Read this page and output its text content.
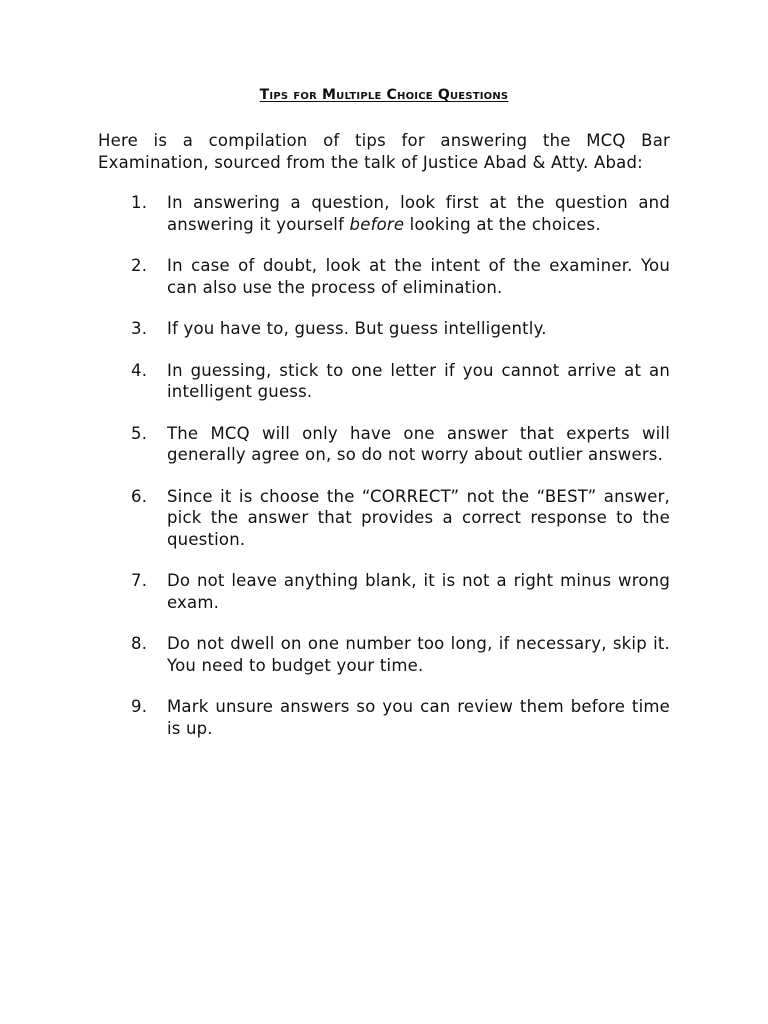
Tips for Multiple Choice Questions

Here is a compilation of tips for answering the MCQ Bar Examination, sourced from the talk of Justice Abad & Atty. Abad:

1.	In answering a question, look first at the question and answering it yourself before looking at the choices.
2.	In case of doubt, look at the intent of the examiner. You can also use the process of elimination.
3.	If you have to, guess. But guess intelligently.
4.	In guessing, stick to one letter if you cannot arrive at an intelligent guess.
5.	The MCQ will only have one answer that experts will generally agree on, so do not worry about outlier answers.
6.	Since it is choose the “CORRECT” not the “BEST” answer, pick the answer that provides a correct response to the question.
7.	Do not leave anything blank, it is not a right minus wrong exam.
8.	Do not dwell on one number too long, if necessary, skip it. You need to budget your time.
9.	Mark unsure answers so you can review them before time is up.
